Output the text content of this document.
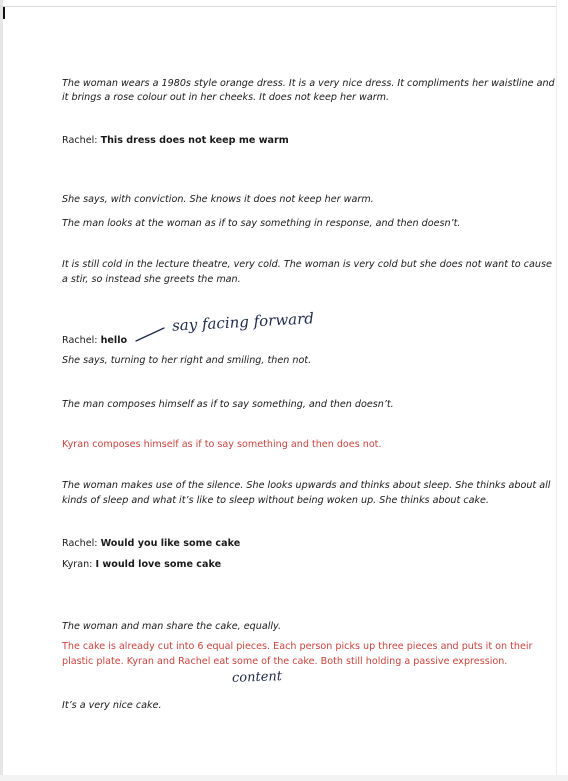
The woman wears a 1980s style orange dress. It is a very nice dress. It compliments her waistline and
it brings a rose colour out in her cheeks. It does not keep her warm.
Rachel: This dress does not keep me warm
She says, with conviction. She knows it does not keep her warm.
The man looks at the woman as if to say something in response, and then doesn’t.
It is still cold in the lecture theatre, very cold. The woman is very cold but she does not want to cause
a stir, so instead she greets the man.
Rachel: hello
say facing forward
She says, turning to her right and smiling, then not.
The man composes himself as if to say something, and then doesn’t.
Kyran composes himself as if to say something and then does not.
The woman makes use of the silence. She looks upwards and thinks about sleep. She thinks about all
kinds of sleep and what it’s like to sleep without being woken up. She thinks about cake.
Rachel: Would you like some cake
Kyran: I would love some cake
The woman and man share the cake, equally.
The cake is already cut into 6 equal pieces. Each person picks up three pieces and puts it on their
plastic plate. Kyran and Rachel eat some of the cake. Both still holding a passive expression.
content
It’s a very nice cake.
